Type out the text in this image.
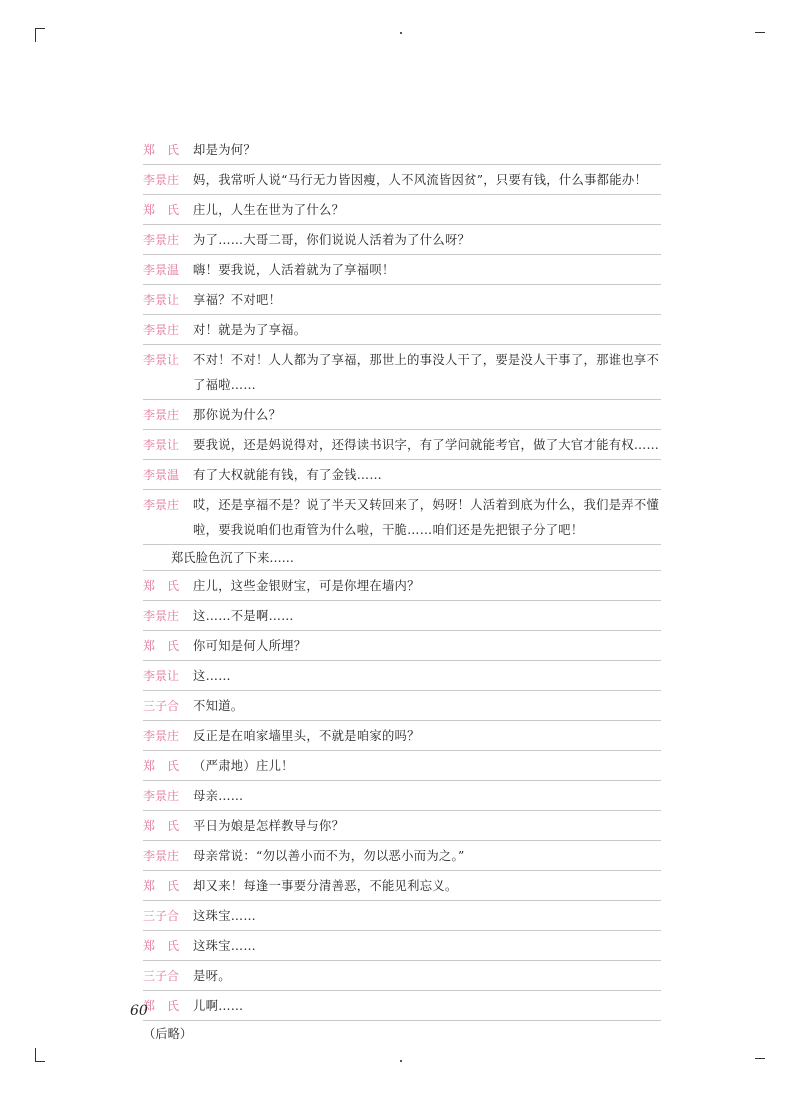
郑　氏	却是为何？
李景庄	妈，我常听人说“马行无力皆因瘦，人不风流皆因贫”，只要有钱，什么事都能办！
郑　氏	庄儿，人生在世为了什么？
李景庄	为了……大哥二哥，你们说说人活着为了什么呀？
李景温	嗨！要我说，人活着就为了享福呗！
李景让	享福？不对吧！
李景庄	对！就是为了享福。
李景让	不对！不对！人人都为了享福，那世上的事没人干了，要是没人干事了，那谁也享不了福啦……
李景庄	那你说为什么？
李景让	要我说，还是妈说得对，还得读书识字，有了学问就能考官，做了大官才能有权……
李景温	有了大权就能有钱，有了金钱……
李景庄	哎，还是享福不是？说了半天又转回来了，妈呀！人活着到底为什么，我们是弄不懂啦，要我说咱们也甭管为什么啦，干脆……咱们还是先把银子分了吧！
郑氏脸色沉了下来……
郑　氏	庄儿，这些金银财宝，可是你埋在墙内？
李景庄	这……不是啊……
郑　氏	你可知是何人所埋？
李景让	这……
三子合	不知道。
李景庄	反正是在咱家墙里头，不就是咱家的吗？
郑　氏	（严肃地）庄儿！
李景庄	母亲……
郑　氏	平日为娘是怎样教导与你？
李景庄	母亲常说：“勿以善小而不为，勿以恶小而为之。”
郑　氏	却又来！每逢一事要分清善恶，不能见利忘义。
三子合	这珠宝……
郑　氏	这珠宝……
三子合	是呀。
郑　氏	儿啊……
（后略）
60
